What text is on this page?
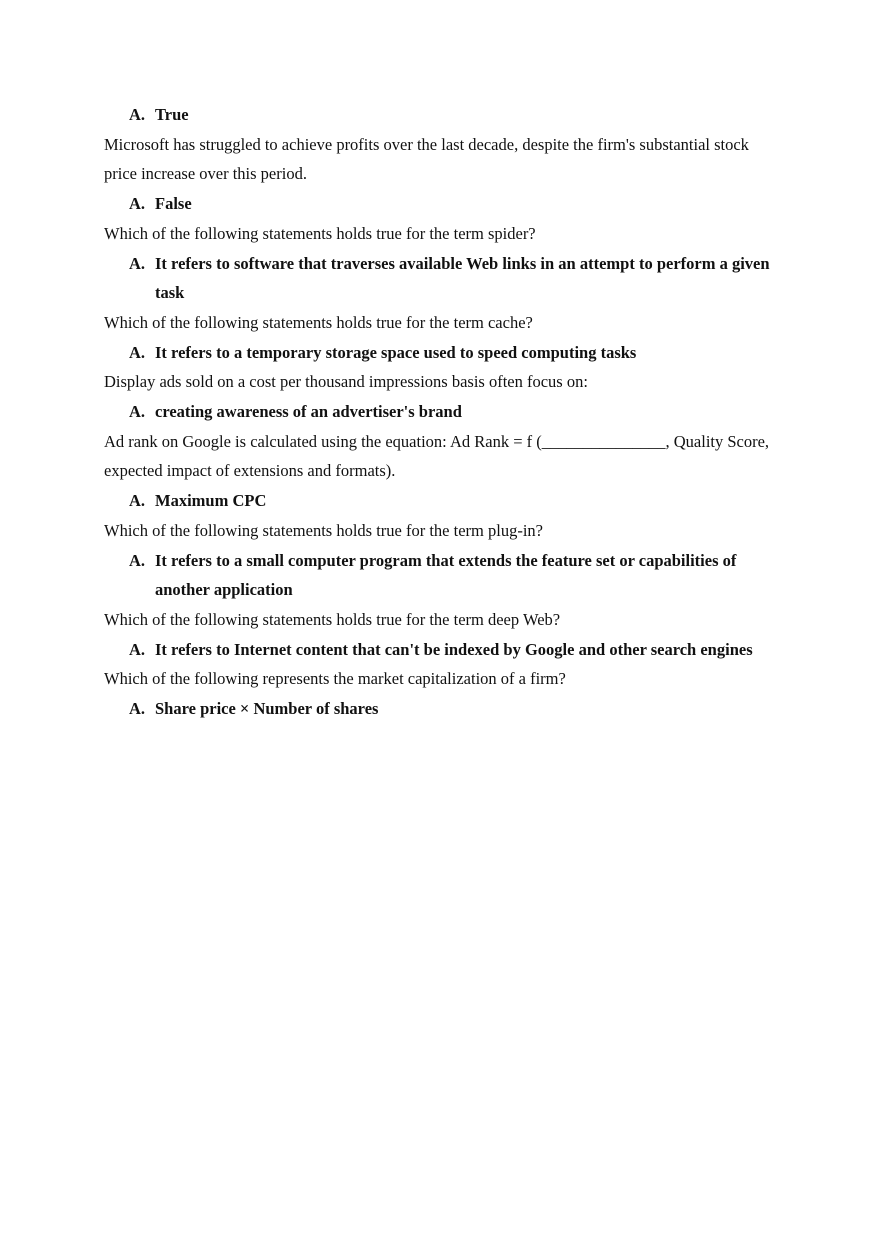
A. True

Microsoft has struggled to achieve profits over the last decade, despite the firm's substantial stock price increase over this period.

A. False

Which of the following statements holds true for the term spider?

A. It refers to software that traverses available Web links in an attempt to perform a given task

Which of the following statements holds true for the term cache?

A. It refers to a temporary storage space used to speed computing tasks

Display ads sold on a cost per thousand impressions basis often focus on:

A. creating awareness of an advertiser's brand

Ad rank on Google is calculated using the equation: Ad Rank = f (_______________, Quality Score, expected impact of extensions and formats).

A. Maximum CPC

Which of the following statements holds true for the term plug-in?

A. It refers to a small computer program that extends the feature set or capabilities of another application

Which of the following statements holds true for the term deep Web?

A. It refers to Internet content that can't be indexed by Google and other search engines

Which of the following represents the market capitalization of a firm?

A. Share price × Number of shares
